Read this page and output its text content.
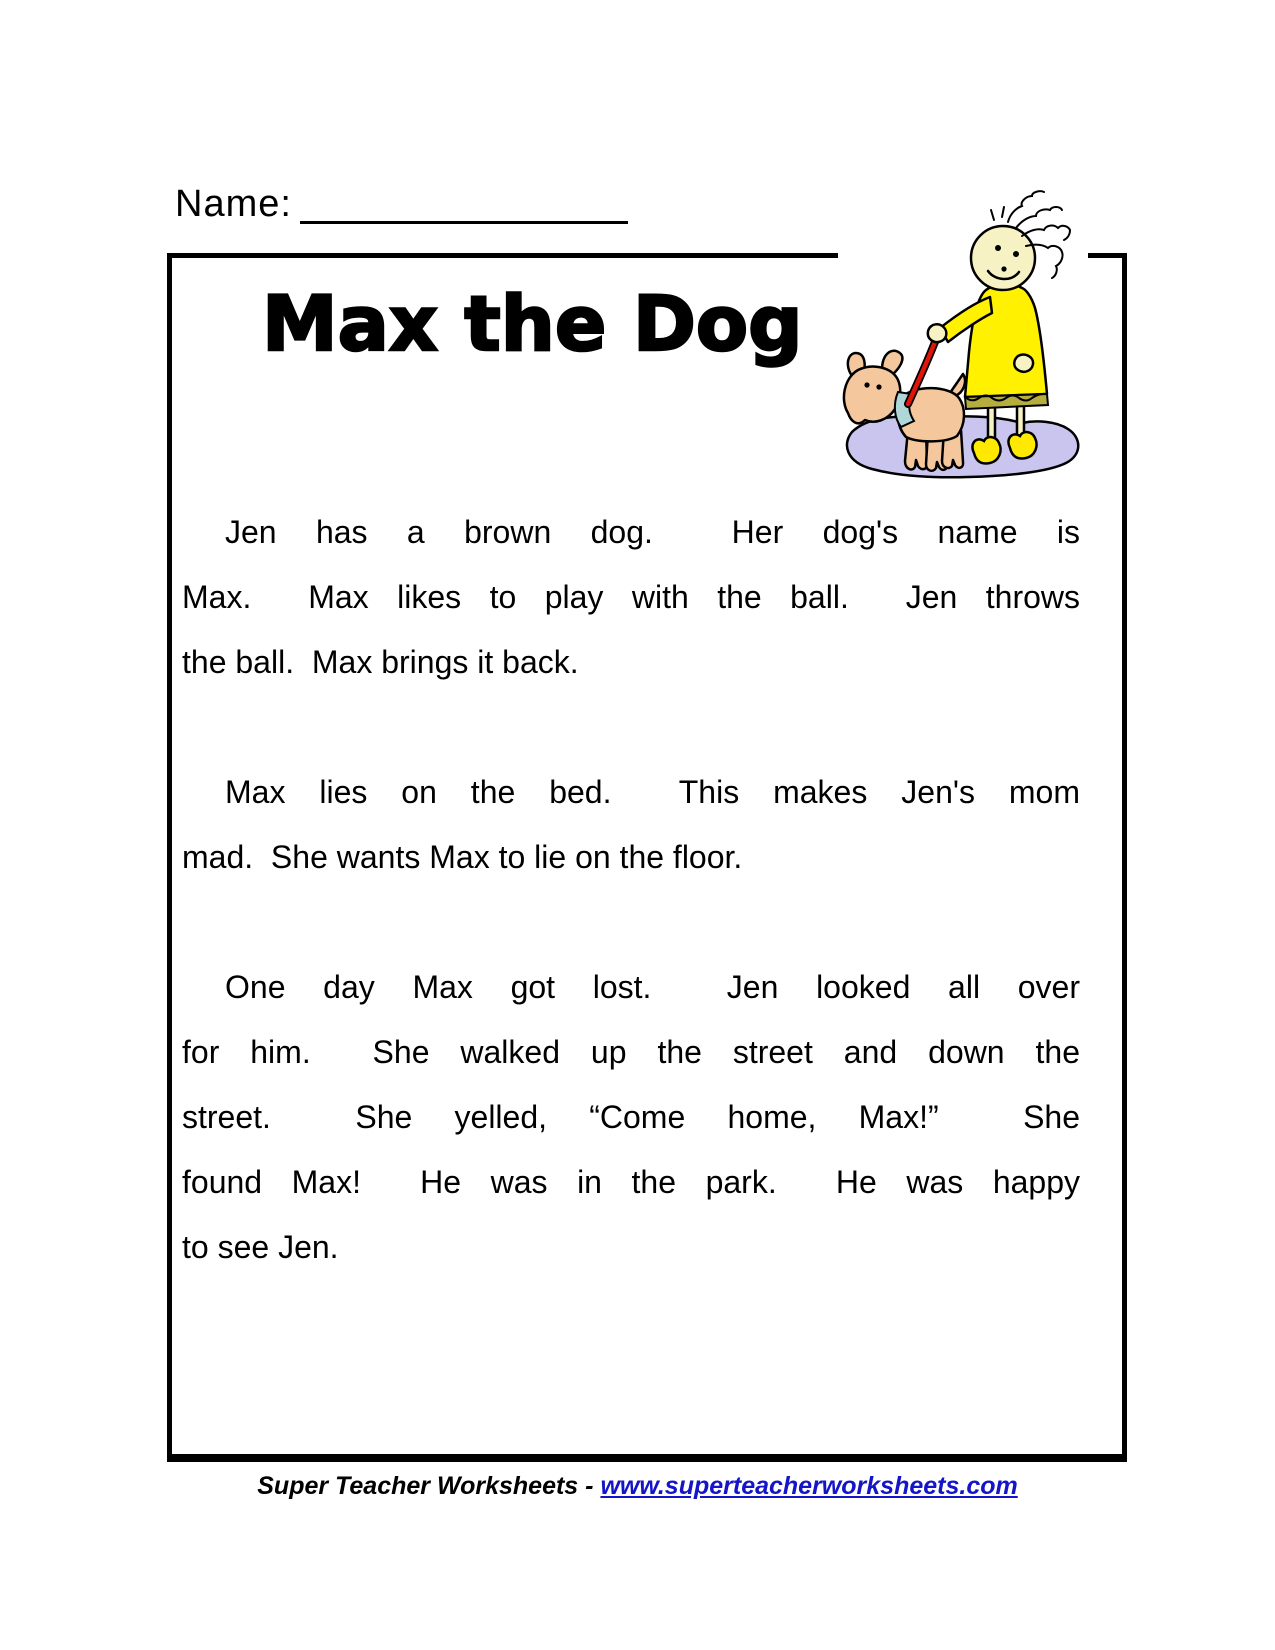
Name:
Max the Dog
Jen has a brown dog.  Her dog's name is
Max.  Max likes to play with the ball.  Jen throws
the ball.  Max brings it back.
Max lies on the bed.  This makes Jen's mom
mad.  She wants Max to lie on the floor.
One day Max got lost.  Jen looked all over
for him.  She walked up the street and down the
street.  She yelled, “Come home, Max!”  She
found Max!  He was in the park.  He was happy
to see Jen.
Super Teacher Worksheets - www.superteacherworksheets.com
